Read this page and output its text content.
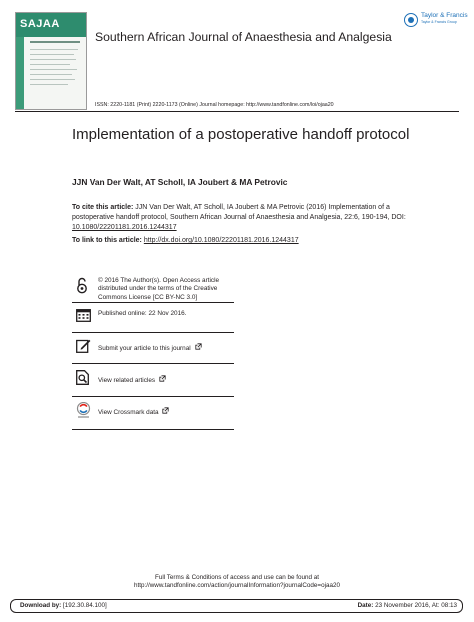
SAJAA
Taylor & Francis
Taylor & Francis Group
Southern African Journal of Anaesthesia and Analgesia
ISSN: 2220-1181 (Print) 2220-1173 (Online) Journal homepage: http://www.tandfonline.com/loi/ojaa20
Implementation of a postoperative handoff protocol
JJN Van Der Walt, AT Scholl, IA Joubert & MA Petrovic
To cite this article: JJN Van Der Walt, AT Scholl, IA Joubert & MA Petrovic (2016) Implementation of a postoperative handoff protocol, Southern African Journal of Anaesthesia and Analgesia, 22:6, 190-194, DOI: 10.1080/22201181.2016.1244317
To link to this article: http://dx.doi.org/10.1080/22201181.2016.1244317
© 2016 The Author(s). Open Access article
distributed under the terms of the Creative
Commons License [CC BY-NC 3.0]
Published online: 22 Nov 2016.
Submit your article to this journal
View related articles
View Crossmark data
Full Terms & Conditions of access and use can be found at
http://www.tandfonline.com/action/journalInformation?journalCode=ojaa20
Download by: [192.30.84.100]	Date: 23 November 2016, At: 08:13
